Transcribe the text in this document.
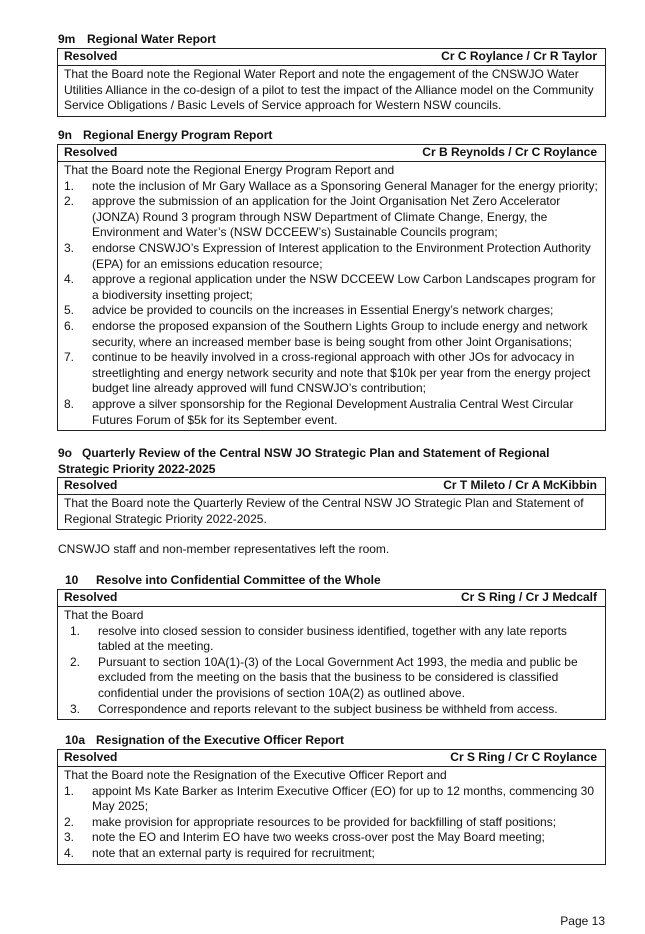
9m Regional Water Report
Resolved	Cr C Roylance / Cr R Taylor

That the Board note the Regional Water Report and note the engagement of the CNSWJO Water Utilities Alliance in the co-design of a pilot to test the impact of the Alliance model on the Community Service Obligations / Basic Levels of Service approach for Western NSW councils.

9n Regional Energy Program Report
Resolved	Cr B Reynolds / Cr C Roylance

That the Board note the Regional Energy Program Report and

1.	note the inclusion of Mr Gary Wallace as a Sponsoring General Manager for the energy priority;
2.	approve the submission of an application for the Joint Organisation Net Zero Accelerator (JONZA) Round 3 program through NSW Department of Climate Change, Energy, the Environment and Water’s (NSW DCCEEW’s) Sustainable Councils program;
3.	endorse CNSWJO’s Expression of Interest application to the Environment Protection Authority (EPA) for an emissions education resource;
4.	approve a regional application under the NSW DCCEEW Low Carbon Landscapes program for a biodiversity insetting project;
5.	advice be provided to councils on the increases in Essential Energy’s network charges;
6.	endorse the proposed expansion of the Southern Lights Group to include energy and network security, where an increased member base is being sought from other Joint Organisations;
7.	continue to be heavily involved in a cross-regional approach with other JOs for advocacy in streetlighting and energy network security and note that $10k per year from the energy project budget line already approved will fund CNSWJO’s contribution;
8.	approve a silver sponsorship for the Regional Development Australia Central West Circular Futures Forum of $5k for its September event.
9o Quarterly Review of the Central NSW JO Strategic Plan and Statement of Regional Strategic Priority 2022-2025
Resolved	Cr T Mileto / Cr A McKibbin

That the Board note the Quarterly Review of the Central NSW JO Strategic Plan and Statement of Regional Strategic Priority 2022-2025.

CNSWJO staff and non-member representatives left the room.
10 Resolve into Confidential Committee of the Whole
Resolved	Cr S Ring / Cr J Medcalf

That the Board

1.	resolve into closed session to consider business identified, together with any late reports tabled at the meeting.
2.	Pursuant to section 10A(1)-(3) of the Local Government Act 1993, the media and public be excluded from the meeting on the basis that the business to be considered is classified confidential under the provisions of section 10A(2) as outlined above.
3.	Correspondence and reports relevant to the subject business be withheld from access.
10a Resignation of the Executive Officer Report
Resolved	Cr S Ring / Cr C Roylance

That the Board note the Resignation of the Executive Officer Report and

1.	appoint Ms Kate Barker as Interim Executive Officer (EO) for up to 12 months, commencing 30 May 2025;
2.	make provision for appropriate resources to be provided for backfilling of staff positions;
3.	note the EO and Interim EO have two weeks cross-over post the May Board meeting;
4.	note that an external party is required for recruitment;
Page 13
